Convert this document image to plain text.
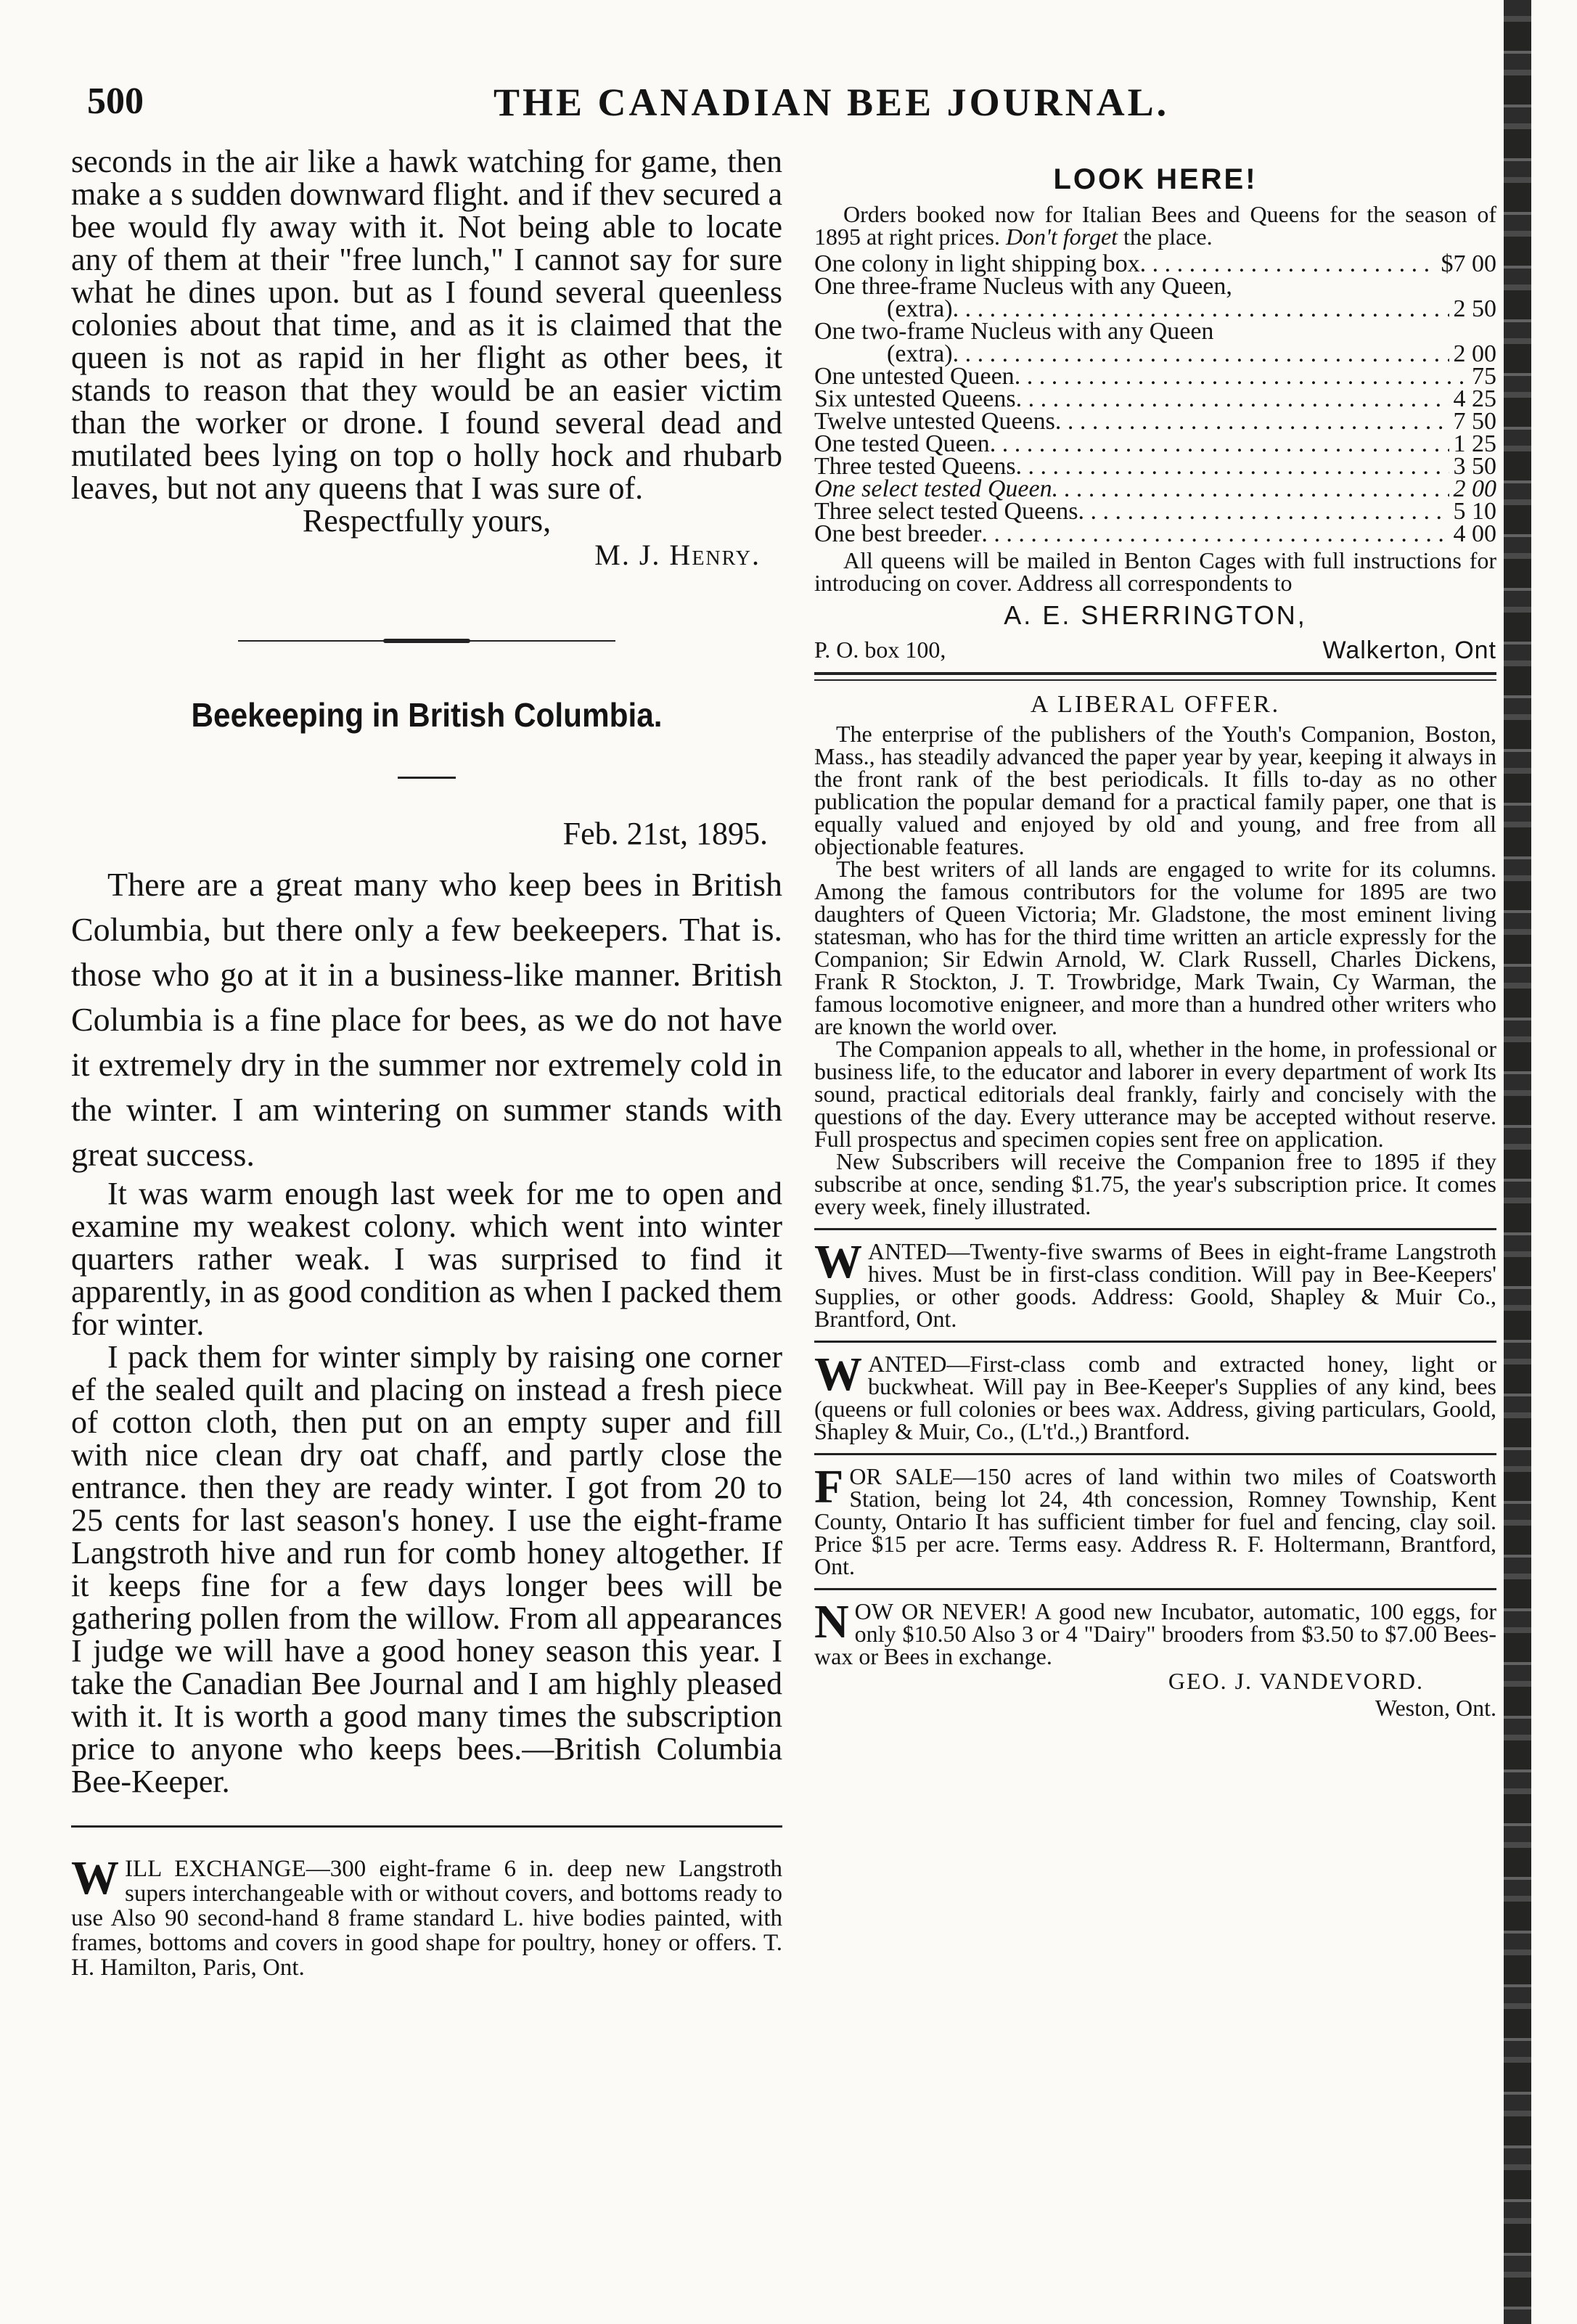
500	THE CANADIAN BEE JOURNAL.
seconds in the air like a hawk watching for game, then make a s sudden downward flight. and if thev secured a bee would fly away with it. Not being able to locate any of them at their "free lunch," I cannot say for sure what he dines upon. but as I found several queenless colonies about that time, and as it is claimed that the queen is not as rapid in her flight as other bees, it stands to reason that they would be an easier victim than the worker or drone. I found several dead and mutilated bees lying on top o holly hock and rhubarb leaves, but not any queens that I was sure of.
Respectfully yours,
M. J. Henry.
Beekeeping in British Columbia.
Feb. 21st, 1895.

There are a great many who keep bees in British Columbia, but there only a few beekeepers. That is. those who go at it in a business-like manner. British Columbia is a fine place for bees, as we do not have it extremely dry in the summer nor extremely cold in the winter. I am wintering on summer stands with great success.

It was warm enough last week for me to open and examine my weakest colony. which went into winter quarters rather weak. I was surprised to find it apparently, in as good condition as when I packed them for winter.

I pack them for winter simply by raising one corner ef the sealed quilt and placing on instead a fresh piece of cotton cloth, then put on an empty super and fill with nice clean dry oat chaff, and partly close the entrance. then they are ready winter. I got from 20 to 25 cents for last season's honey. I use the eight-frame Langstroth hive and run for comb honey altogether. If it keeps fine for a few days longer bees will be gathering pollen from the willow. From all appearances I judge we will have a good honey season this year. I take the Canadian Bee Journal and I am highly pleased with it. It is worth a good many times the subscription price to anyone who keeps bees.—British Columbia Bee-Keeper.

WILL EXCHANGE—300 eight-frame 6 in. deep new Langstroth supers interchangeable with or without covers, and bottoms ready to use Also 90 second-hand 8 frame standard L. hive bodies painted, with frames, bottoms and covers in good shape for poultry, honey or offers. T. H. Hamilton, Paris, Ont.
LOOK HERE!
Orders booked now for Italian Bees and Queens for the season of 1895 at right prices. Don't forget the place.
One colony in light shipping box . . .	$7 00
One three-frame Nucleus with any Queen,
(extra) . . .	2 50
One two-frame Nucleus with any Queen
(extra) . . .	2 00
One untested Queen . . .	75
Six untested Queens . . .	4 25
Twelve untested Queens . . .	7 50
One tested Queen . . .	1 25
Three tested Queens . . .	3 50
One select tested Queen . . .	2 00
Three select tested Queens . . .	5 10
One best breeder . . .	4 00
All queens will be mailed in Benton Cages with full instructions for introducing on cover. Address all correspondents to
A. E. SHERRINGTON,
P. O. box 100,	Walkerton, Ont
A LIBERAL OFFER.

The enterprise of the publishers of the Youth's Companion, Boston, Mass., has steadily advanced the paper year by year, keeping it always in the front rank of the best periodicals. It fills to-day as no other publication the popular demand for a practical family paper, one that is equally valued and enjoyed by old and young, and free from all objectionable features.

The best writers of all lands are engaged to write for its columns. Among the famous contributors for the volume for 1895 are two daughters of Queen Victoria; Mr. Gladstone, the most eminent living statesman, who has for the third time written an article expressly for the Companion; Sir Edwin Arnold, W. Clark Russell, Charles Dickens, Frank R Stockton, J. T. Trowbridge, Mark Twain, Cy Warman, the famous locomotive enigneer, and more than a hundred other writers who are known the world over.

The Companion appeals to all, whether in the home, in professional or business life, to the educator and laborer in every department of work Its sound, practical editorials deal frankly, fairly and concisely with the questions of the day. Every utterance may be accepted without reserve. Full prospectus and specimen copies sent free on application.

New Subscribers will receive the Companion free to 1895 if they subscribe at once, sending $1.75, the year's subscription price. It comes every week, finely illustrated.

WANTED—Twenty-five swarms of Bees in eight-frame Langstroth hives. Must be in first-class condition. Will pay in Bee-Keepers' Supplies, or other goods. Address: Goold, Shapley & Muir Co., Brantford, Ont.
WANTED—First-class comb and extracted honey, light or buckwheat. Will pay in Bee-Keeper's Supplies of any kind, bees (queens or full colonies or bees wax. Address, giving particulars, Goold, Shapley & Muir, Co., (L't'd.,) Brantford.
FOR SALE—150 acres of land within two miles of Coatsworth Station, being lot 24, 4th concession, Romney Township, Kent County, Ontario It has sufficient timber for fuel and fencing, clay soil. Price $15 per acre. Terms easy. Address R. F. Holtermann, Brantford, Ont.
NOW OR NEVER! A good new Incubator, automatic, 100 eggs, for only $10.50 Also 3 or 4 "Dairy" brooders from $3.50 to $7.00 Bees-wax or Bees in exchange.
GEO. J. VANDEVORD.
Weston, Ont.
